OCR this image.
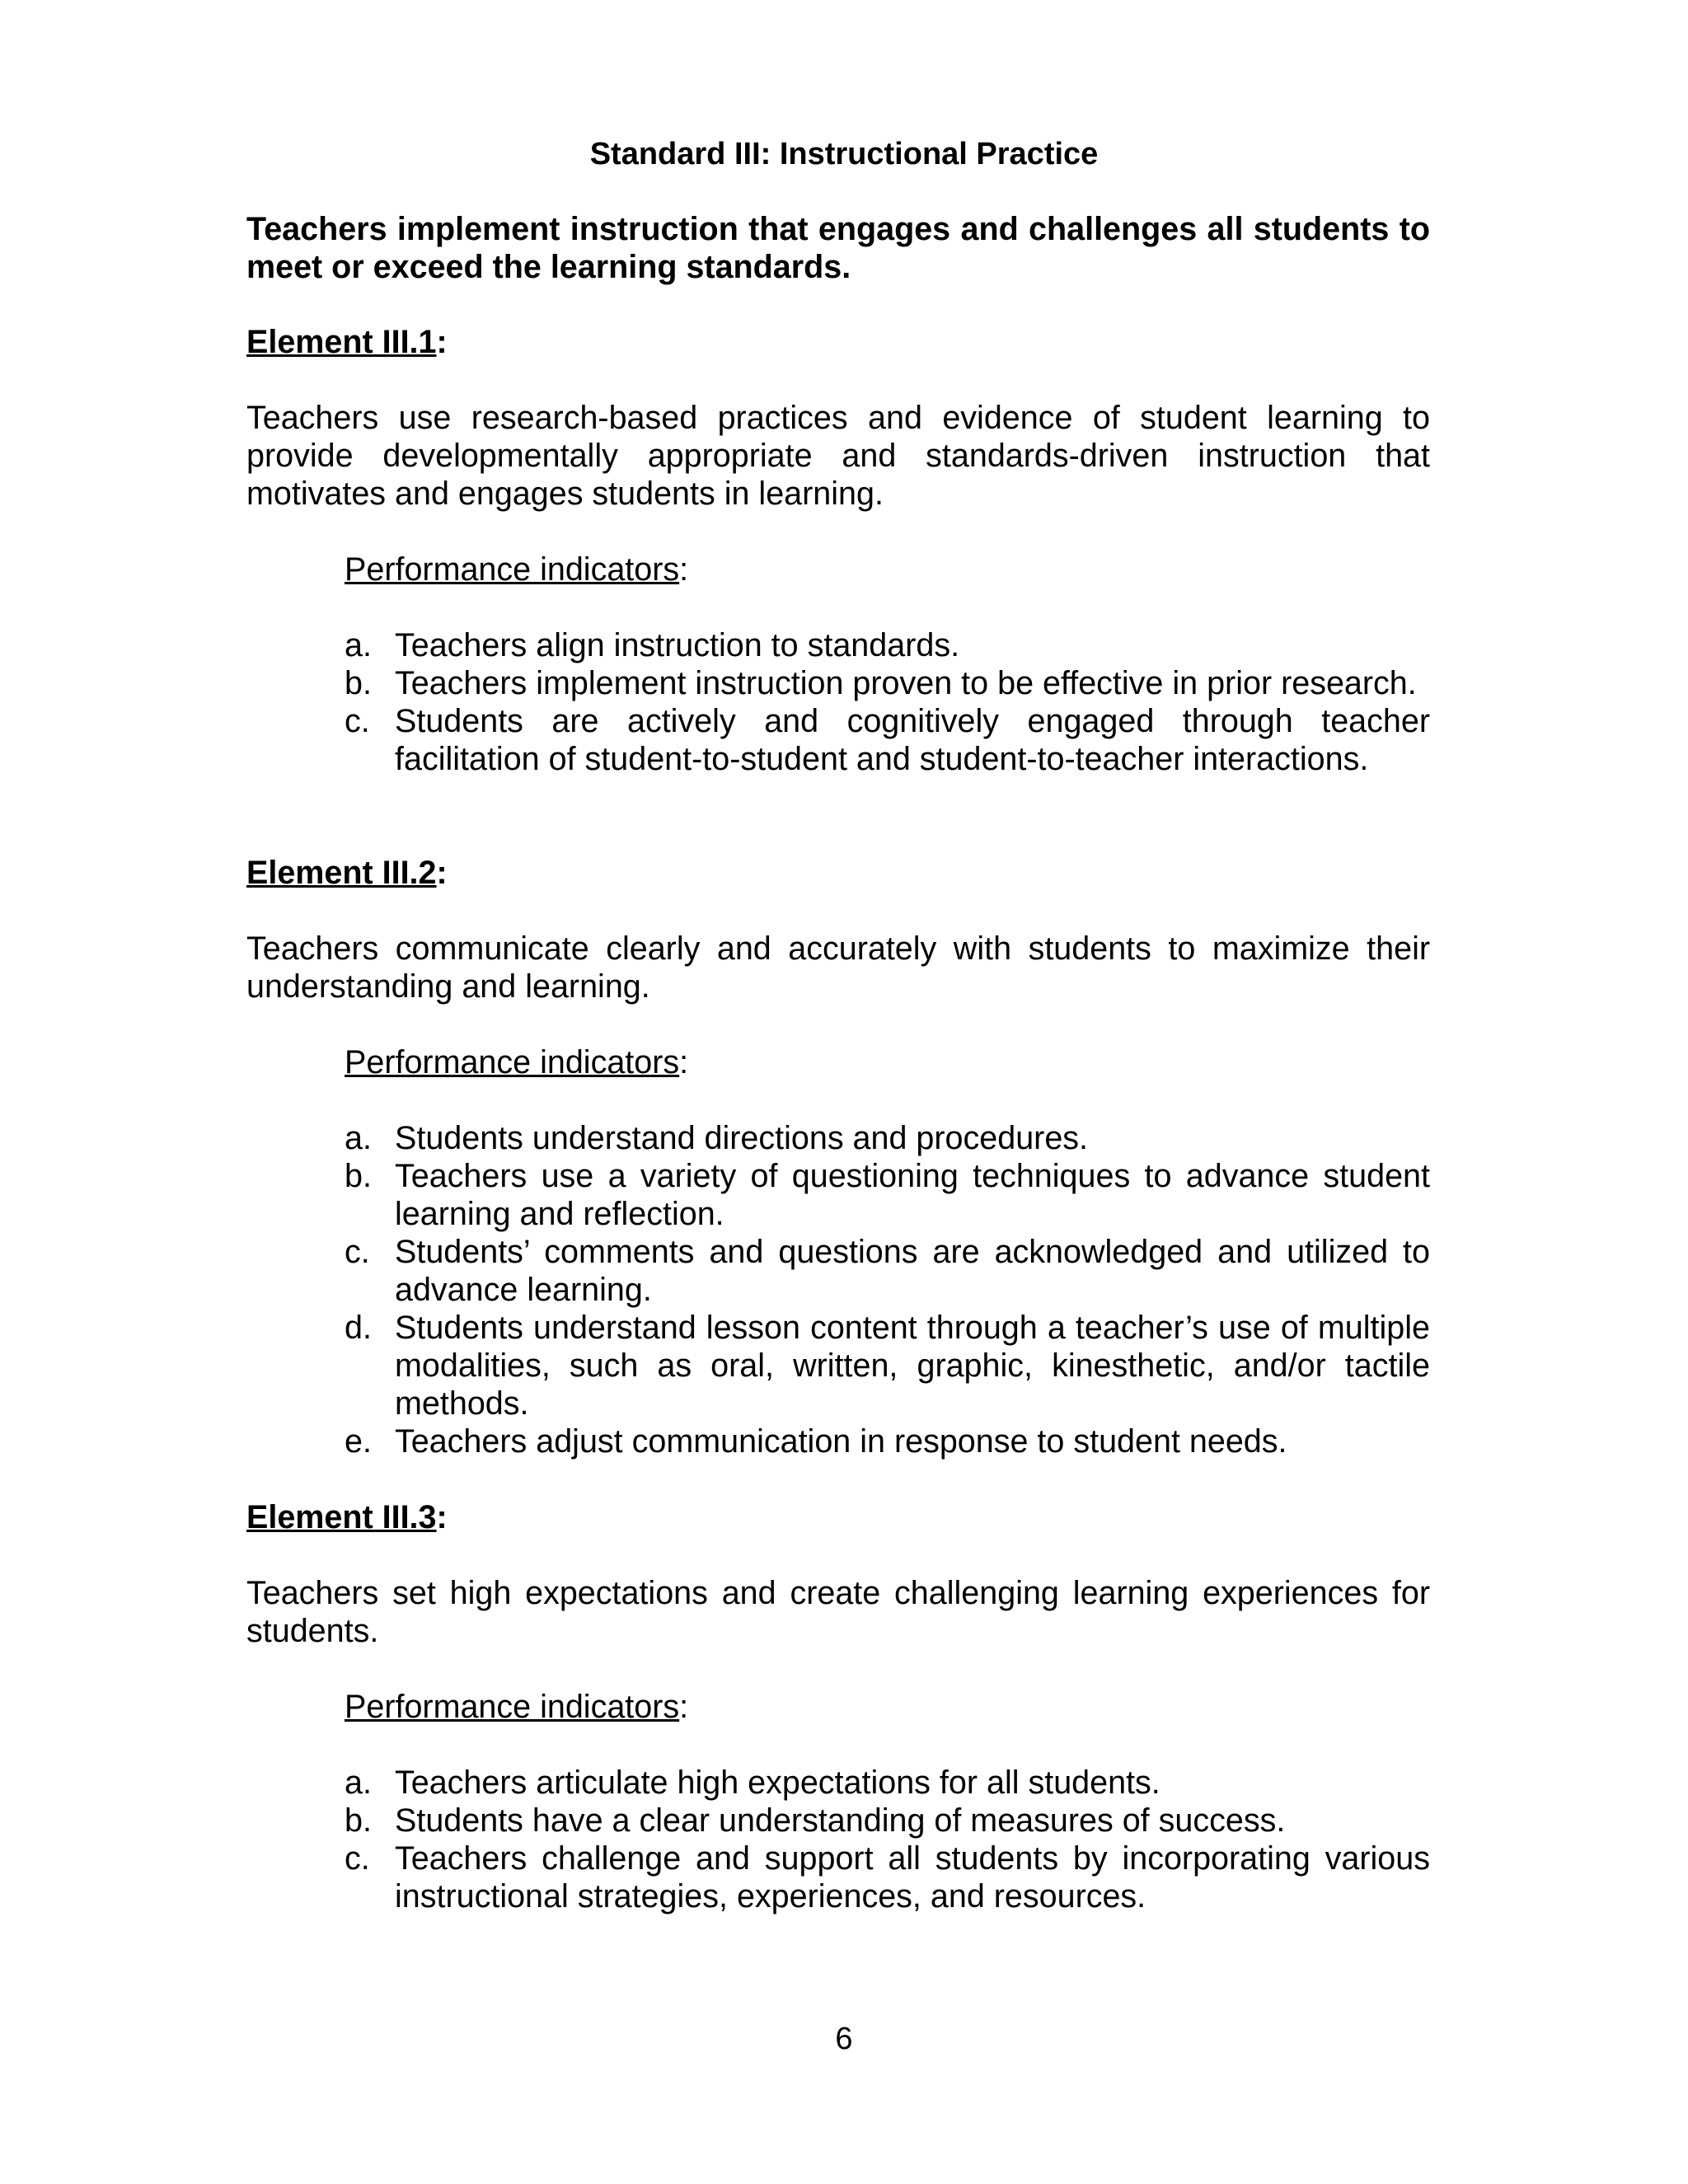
Standard III: Instructional Practice
Teachers implement instruction that engages and challenges all students to meet or exceed the learning standards.
Element III.1:
Teachers use research-based practices and evidence of student learning to provide developmentally appropriate and standards-driven instruction that motivates and engages students in learning.
Performance indicators:
a. Teachers align instruction to standards.
b. Teachers implement instruction proven to be effective in prior research.
c. Students are actively and cognitively engaged through teacher facilitation of student-to-student and student-to-teacher interactions.
Element III.2:
Teachers communicate clearly and accurately with students to maximize their understanding and learning.
Performance indicators:
a. Students understand directions and procedures.
b. Teachers use a variety of questioning techniques to advance student learning and reflection.
c. Students’ comments and questions are acknowledged and utilized to advance learning.
d. Students understand lesson content through a teacher’s use of multiple modalities, such as oral, written, graphic, kinesthetic, and/or tactile methods.
e. Teachers adjust communication in response to student needs.
Element III.3:
Teachers set high expectations and create challenging learning experiences for students.
Performance indicators:
a. Teachers articulate high expectations for all students.
b. Students have a clear understanding of measures of success.
c. Teachers challenge and support all students by incorporating various instructional strategies, experiences, and resources.
6
